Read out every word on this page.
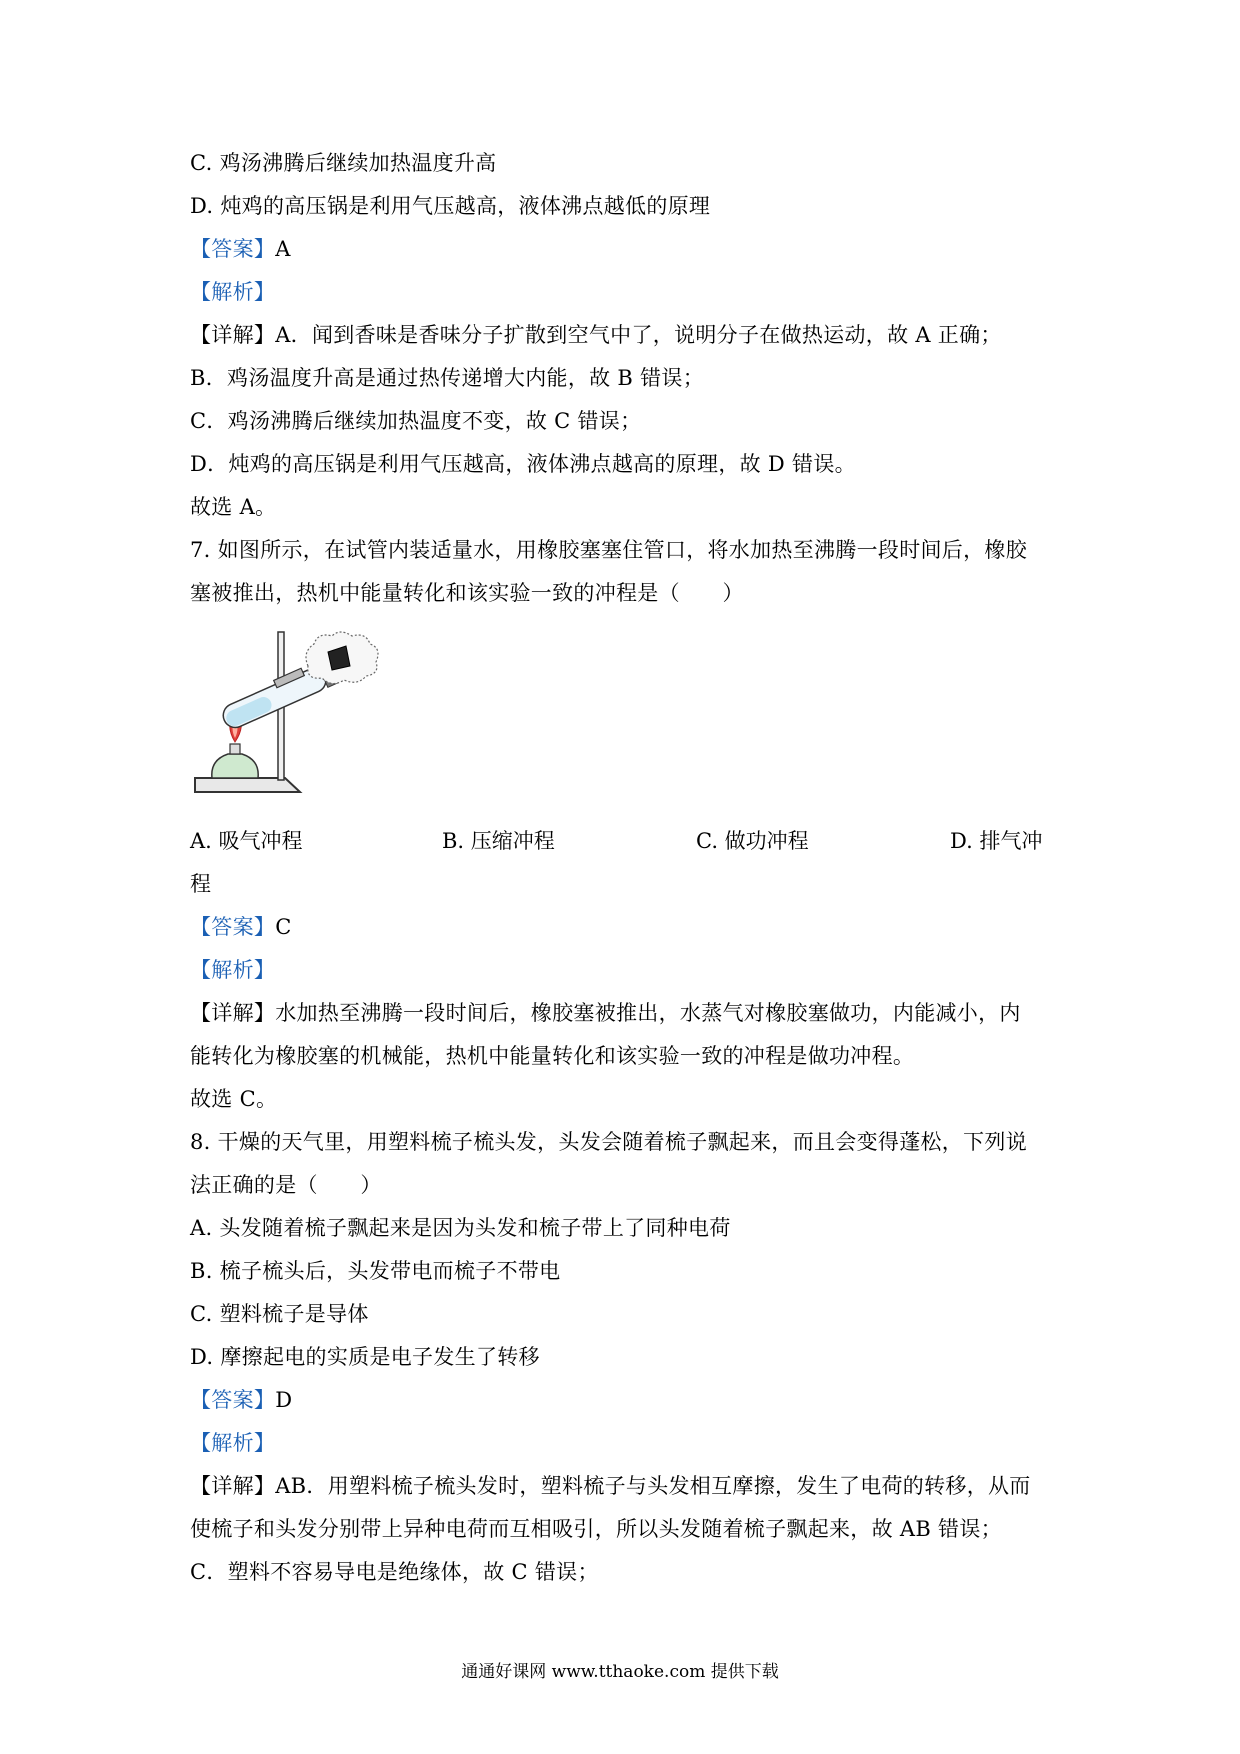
C. 鸡汤沸腾后继续加热温度升高
D. 炖鸡的高压锅是利用气压越高，液体沸点越低的原理
【答案】A
【解析】
【详解】A．闻到香味是香味分子扩散到空气中了，说明分子在做热运动，故 A 正确；
B．鸡汤温度升高是通过热传递增大内能，故 B 错误；
C．鸡汤沸腾后继续加热温度不变，故 C 错误；
D．炖鸡的高压锅是利用气压越高，液体沸点越高的原理，故 D 错误。
故选 A。
7. 如图所示，在试管内装适量水，用橡胶塞塞住管口，将水加热至沸腾一段时间后，橡胶
塞被推出，热机中能量转化和该实验一致的冲程是（　　）
A. 吸气冲程	B. 压缩冲程	C. 做功冲程	D. 排气冲
程
【答案】C
【解析】
【详解】水加热至沸腾一段时间后，橡胶塞被推出，水蒸气对橡胶塞做功，内能减小，内
能转化为橡胶塞的机械能，热机中能量转化和该实验一致的冲程是做功冲程。
故选 C。
8. 干燥的天气里，用塑料梳子梳头发，头发会随着梳子飘起来，而且会变得蓬松，下列说
法正确的是（　　）
A. 头发随着梳子飘起来是因为头发和梳子带上了同种电荷
B. 梳子梳头后，头发带电而梳子不带电
C. 塑料梳子是导体
D. 摩擦起电的实质是电子发生了转移
【答案】D
【解析】
【详解】AB．用塑料梳子梳头发时，塑料梳子与头发相互摩擦，发生了电荷的转移，从而
使梳子和头发分别带上异种电荷而互相吸引，所以头发随着梳子飘起来，故 AB 错误；
C．塑料不容易导电是绝缘体，故 C 错误；
通通好课网 www.tthaoke.com 提供下载
